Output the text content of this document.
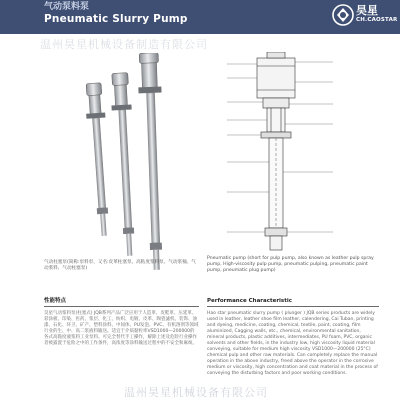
气动泵料泵
Pneumatic Slurry Pump
昊星
CH.CAOSTAR
温州昊星机械设备制造有限公司
气动柱塞泵(简称:泵料泵、又名:皮革柱塞泵、高粘度浆料泵、气动浆桶、气动浆料、气动柱塞泵)
Pneumatic pump (short for pulp pump, also known as leather pulp spray pump, High-viscosity pulp pump, pneumatic pulping, pneumatic paint pump, pneumatic plug pump)
性能特点	Performance Characteristic
昊星气动浆料泵(柱塞式) JQB系列产品广泛应用于人造革、皮鞋革、压延革、彩涂板、印染、医药、浆层、化工、纺织、电镀、皮革、陶瓷滤机、装饰、油漆、石化、环卫、矿产、塑料涂料、中间体、PU发泡、PVC、有机溶剂等领域行业的生、中、高二浆液料输送。适宜于介质黏粒率VSD1000—200000的各式高黏度液浆料工业泵料。可完全替代手工操作，解除上述及危险行业操作者被露置于危险之中的工作条件，高浓度等涂料输送过程中的不安全和麻烦。
Hao star pneumatic slurry pump ( plunger ) JQB series products are widely used in leather, leather shoe film leather, calendering, Cai Tuban, printing and dyeing, medicine, coating, chemical, textile, paint, coating, film aluminized, Cagging walls, etc., chemical, environmental sanitation, mineral products, plastic additives, intermediates, PU foam, PVC, organic solvents and other fields, in the industry low, high viscosity liquid material conveying, suitable for medium high viscosity VSD1000—200000 (25°C) chemical pulp and other raw materials. Can completely replace the manual operation in the above industry, freed above the operator in the corrosive medium or viscosity, high concentration and coat material in the process of conveying the disturbing factors and poor working conditions.
温州昊星机械设备有限公司
